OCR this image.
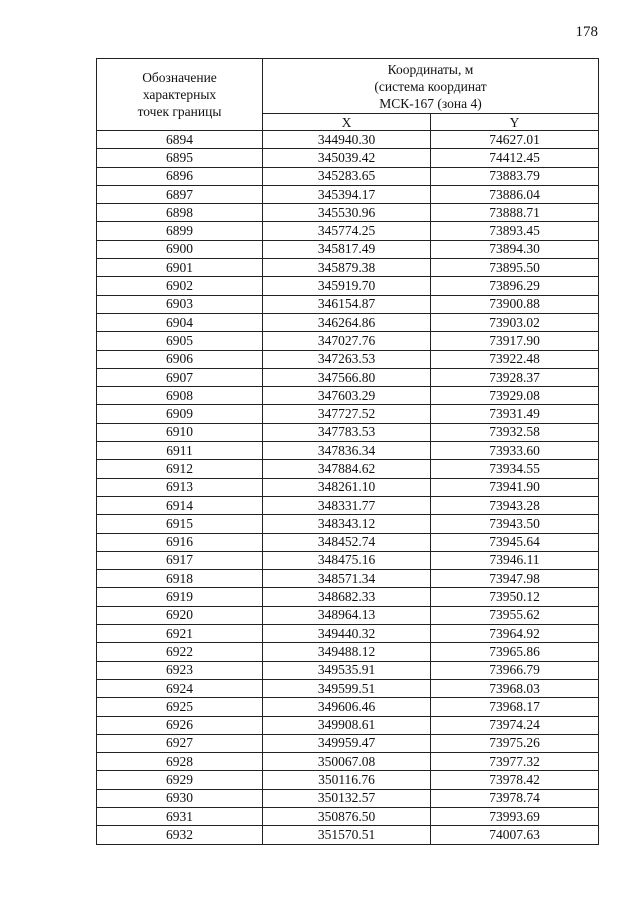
178
Обозначение
характерных
точек границы	Координаты, м
(система координат
МСК-167 (зона 4)	

	X	Y
6894	344940.30	74627.01
6895	345039.42	74412.45
6896	345283.65	73883.79
6897	345394.17	73886.04
6898	345530.96	73888.71
6899	345774.25	73893.45
6900	345817.49	73894.30
6901	345879.38	73895.50
6902	345919.70	73896.29
6903	346154.87	73900.88
6904	346264.86	73903.02
6905	347027.76	73917.90
6906	347263.53	73922.48
6907	347566.80	73928.37
6908	347603.29	73929.08
6909	347727.52	73931.49
6910	347783.53	73932.58
6911	347836.34	73933.60
6912	347884.62	73934.55
6913	348261.10	73941.90
6914	348331.77	73943.28
6915	348343.12	73943.50
6916	348452.74	73945.64
6917	348475.16	73946.11
6918	348571.34	73947.98
6919	348682.33	73950.12
6920	348964.13	73955.62
6921	349440.32	73964.92
6922	349488.12	73965.86
6923	349535.91	73966.79
6924	349599.51	73968.03
6925	349606.46	73968.17
6926	349908.61	73974.24
6927	349959.47	73975.26
6928	350067.08	73977.32
6929	350116.76	73978.42
6930	350132.57	73978.74
6931	350876.50	73993.69
6932	351570.51	74007.63
